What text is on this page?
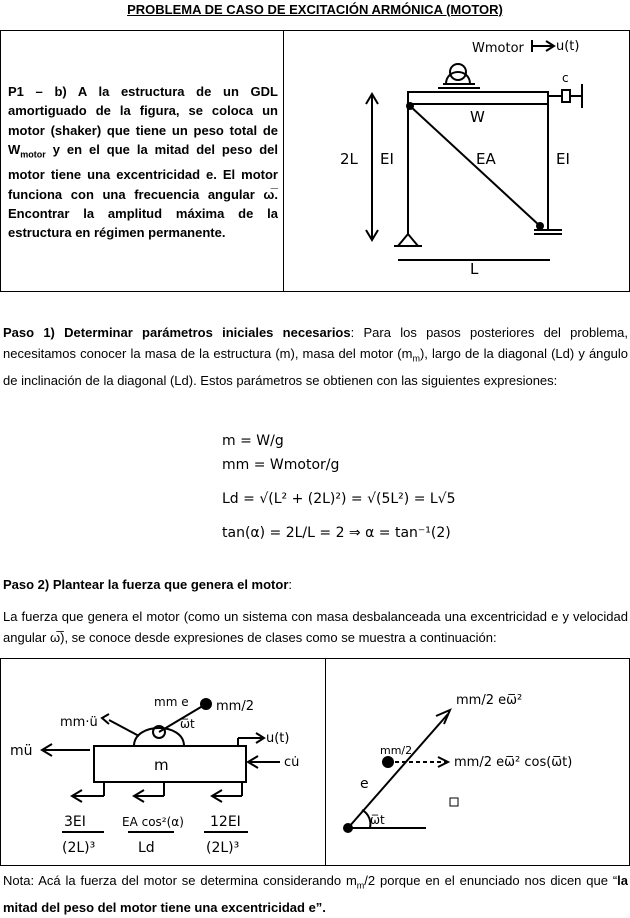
PROBLEMA DE CASO DE EXCITACIÓN ARMÓNICA (MOTOR)
P1 – b) A la estructura de un GDL amortiguado de la figura, se coloca un motor (shaker) que tiene un peso total de $W_{motor}$ y en el que la mitad del peso del motor tiene una excentricidad e. El motor funciona con una frecuencia angular ω̅. Encontrar la amplitud máxima de la estructura en régimen permanente.
Wmotor u(t)
c
W
2L EI	EA	EI
L
Paso 1) Determinar parámetros iniciales necesarios: Para los pasos posteriores del problema, necesitamos conocer la masa de la estructura (m), masa del motor $(m_m)$, largo de la diagonal (Ld) y ángulo de inclinación de la diagonal (Ld). Estos parámetros se obtienen con las siguientes expresiones:
m = W/g
mm = Wmotor/g
Ld = √(L² + (2L)²) = √(5L²) = L√5
tan(α) = 2L/L = 2 ⇒ α = tan⁻¹(2)
Paso 2) Plantear la fuerza que genera el motor:
La fuerza que genera el motor (como un sistema con masa desbalanceada una excentricidad e y velocidad angular ω̅), se conoce desde expresiones de clases como se muestra a continuación:
mm e mm/2
mm·ü
mü
ω̅t
m
u(t)
cu̇
3EI
(2L)³
EA cos²(α)
Ld
12EI
(2L)³
mm/2 eω̅²
mm/2
mm/2 eω̅² cos(ω̅t)
e
ω̅t
Nota: Acá la fuerza del motor se determina considerando $m_m/2$ porque en el enunciado nos dicen que “la mitad del peso del motor tiene una excentricidad e”.
